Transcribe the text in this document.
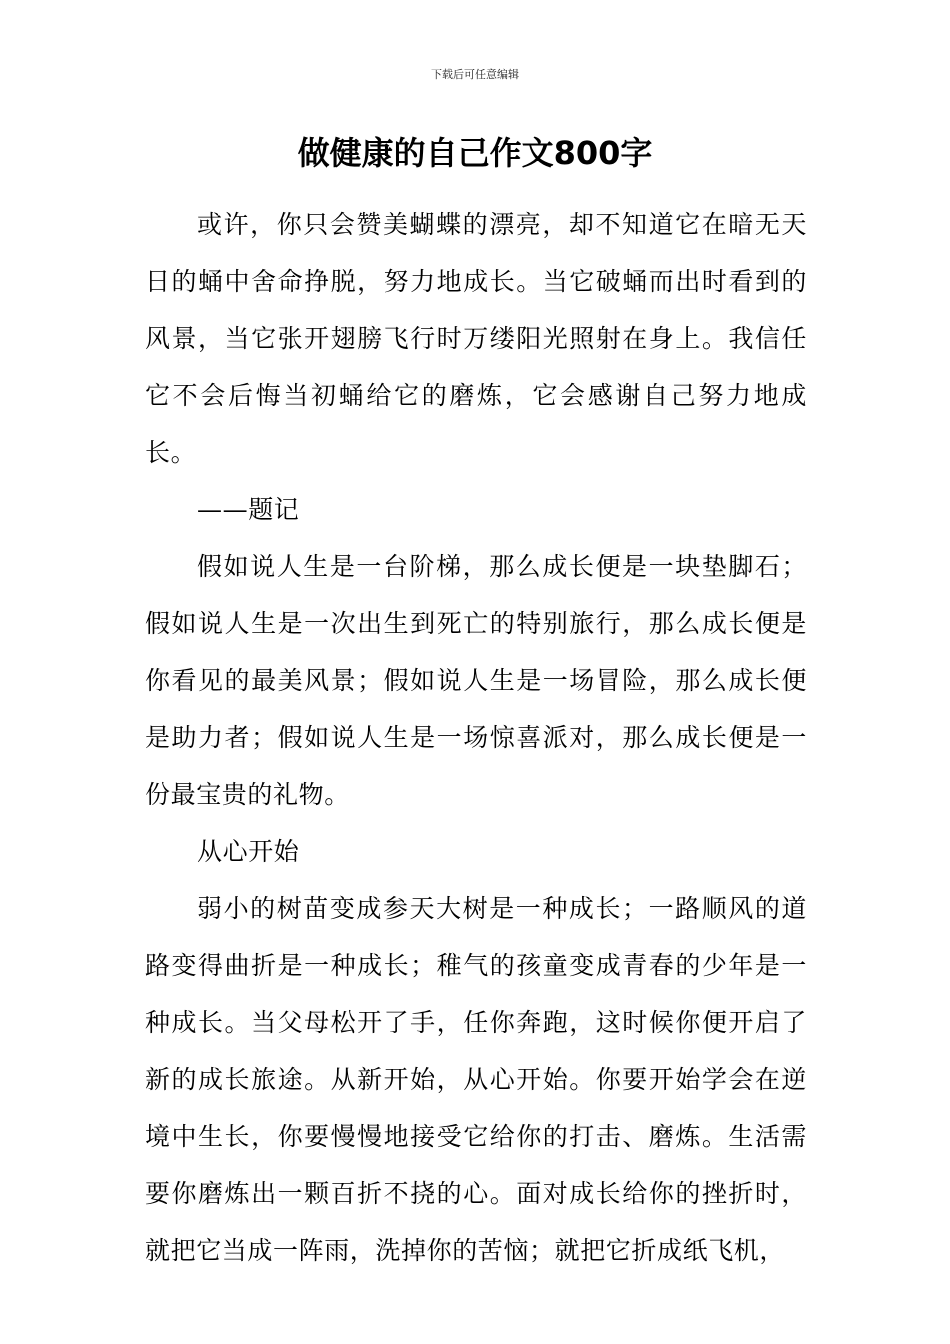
下载后可任意编辑
做健康的自己作文800字

或许，你只会赞美蝴蝶的漂亮，却不知道它在暗无天日的蛹中舍命挣脱，努力地成长。当它破蛹而出时看到的风景，当它张开翅膀飞行时万缕阳光照射在身上。我信任它不会后悔当初蛹给它的磨炼，它会感谢自己努力地成长。

——题记

假如说人生是一台阶梯，那么成长便是一块垫脚石；假如说人生是一次出生到死亡的特别旅行，那么成长便是你看见的最美风景；假如说人生是一场冒险，那么成长便是助力者；假如说人生是一场惊喜派对，那么成长便是一份最宝贵的礼物。

从心开始

弱小的树苗变成参天大树是一种成长；一路顺风的道路变得曲折是一种成长；稚气的孩童变成青春的少年是一种成长。当父母松开了手，任你奔跑，这时候你便开启了新的成长旅途。从新开始，从心开始。你要开始学会在逆境中生长，你要慢慢地接受它给你的打击、磨炼。生活需要你磨炼出一颗百折不挠的心。面对成长给你的挫折时，就把它当成一阵雨，洗掉你的苦恼；就把它折成纸飞机，
